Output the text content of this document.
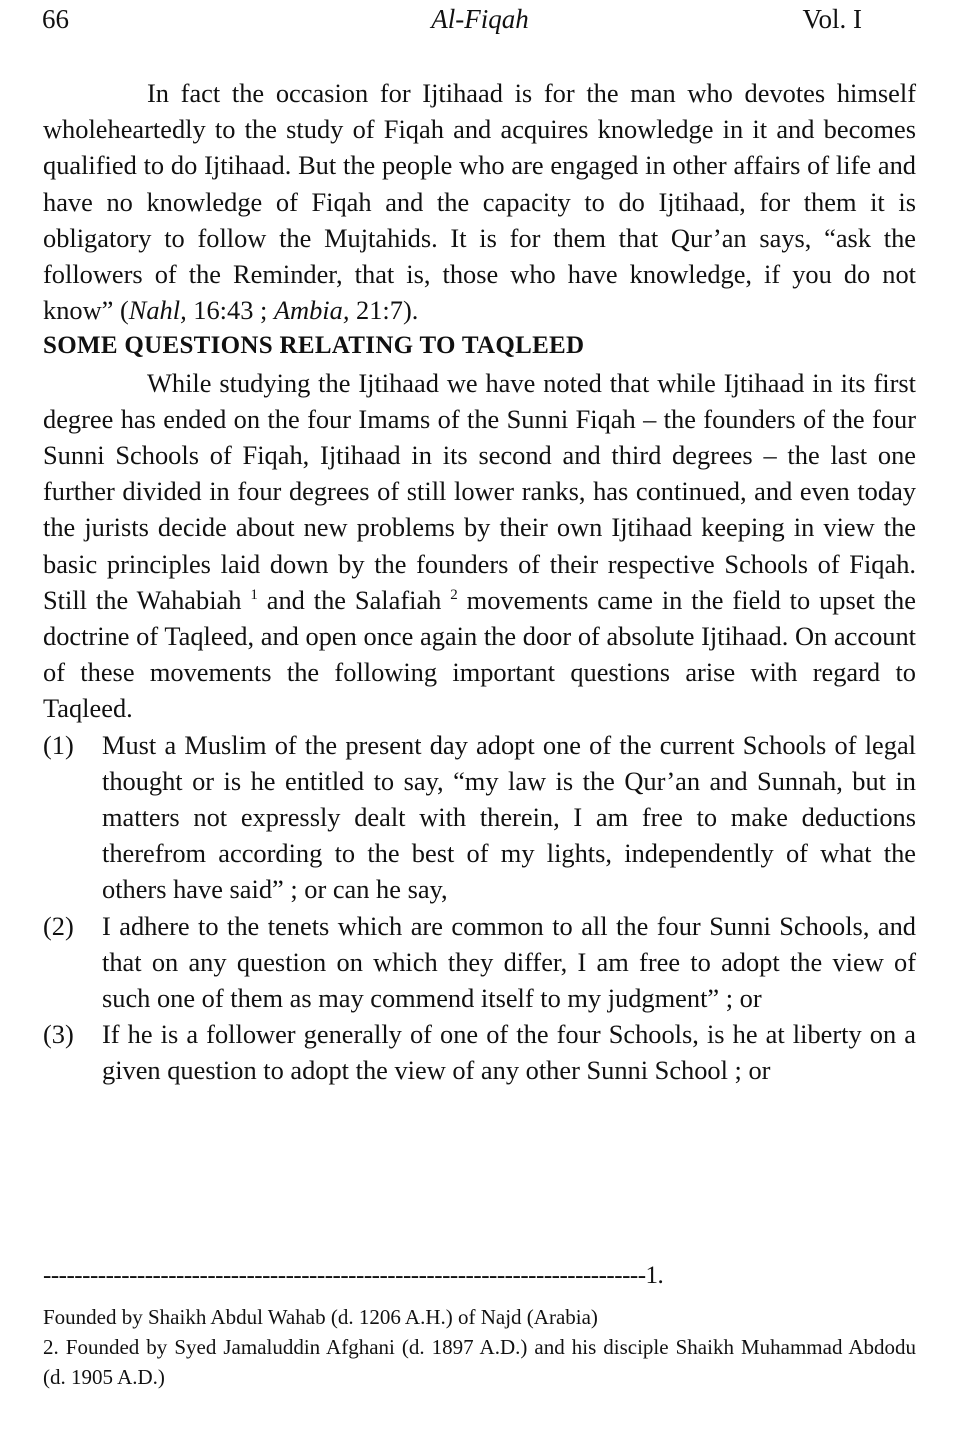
Al-Fiqah
66	Vol. I

In fact the occasion for Ijtihaad is for the man who devotes himself wholeheartedly to the study of Fiqah and acquires knowledge in it and becomes qualified to do Ijtihaad. But the people who are engaged in other affairs of life and have no knowledge of Fiqah and the capacity to do Ijtihaad, for them it is obligatory to follow the Mujtahids. It is for them that Qur’an says, “ask the followers of the Reminder, that is, those who have knowledge, if you do not know” (Nahl, 16:43 ; Ambia, 21:7).

SOME QUESTIONS RELATING TO TAQLEED

While studying the Ijtihaad we have noted that while Ijtihaad in its first degree has ended on the four Imams of the Sunni Fiqah – the founders of the four Sunni Schools of Fiqah, Ijtihaad in its second and third degrees – the last one further divided in four degrees of still lower ranks, has continued, and even today the jurists decide about new problems by their own Ijtihaad keeping in view the basic principles laid down by the founders of their respective Schools of Fiqah. Still the Wahabiah $^1$ and the Salafiah $^2$ movements came in the field to upset the doctrine of Taqleed, and open once again the door of absolute Ijtihaad. On account of these movements the following important questions arise with regard to Taqleed.

(1) Must a Muslim of the present day adopt one of the current Schools of legal thought or is he entitled to say, “my law is the Qur’an and Sunnah, but in matters not expressly dealt with therein, I am free to make deductions therefrom according to the best of my lights, independently of what the others have said” ; or can he say,
(2) I adhere to the tenets which are common to all the four Sunni Schools, and that on any question on which they differ, I am free to adopt the view of such one of them as may commend itself to my judgment” ; or
(3) If he is a follower generally of one of the four Schools, is he at liberty on a given question to adopt the view of any other Sunni School ; or
-----------------------------------------------------------------------------1.

Founded by Shaikh Abdul Wahab (d. 1206 A.H.) of Najd (Arabia)

2. Founded by Syed Jamaluddin Afghani (d. 1897 A.D.) and his disciple Shaikh Muhammad Abdodu (d. 1905 A.D.)
